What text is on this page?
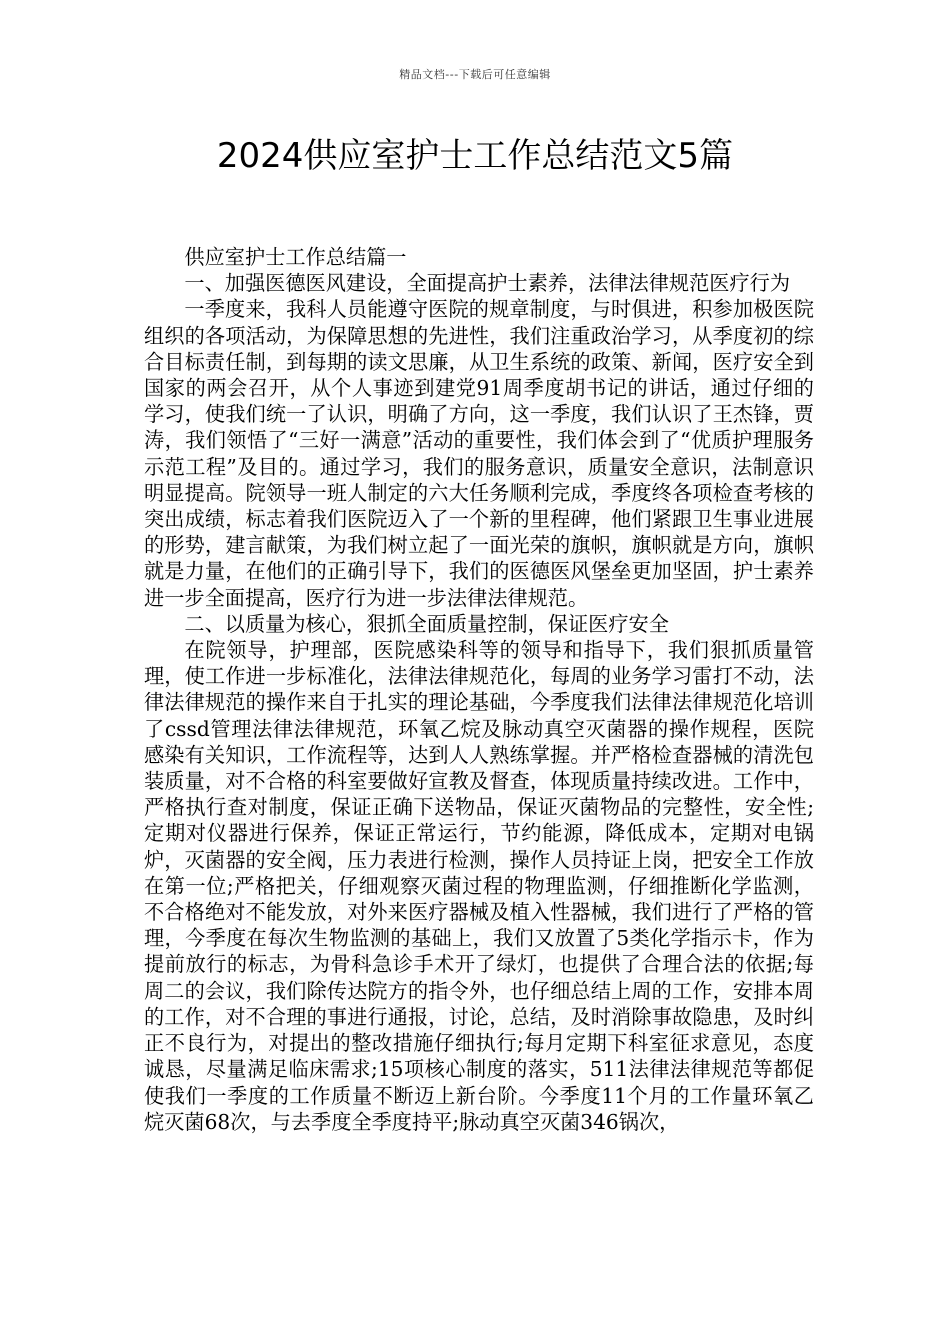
精品文档---下载后可任意编辑
2024供应室护士工作总结范文5篇

供应室护士工作总结篇一

一、加强医德医风建设，全面提高护士素养，法律法律规范医疗行为

一季度来，我科人员能遵守医院的规章制度，与时俱进，积参加极医院组织的各项活动，为保障思想的先进性，我们注重政治学习，从季度初的综合目标责任制，到每期的读文思廉，从卫生系统的政策、新闻，医疗安全到国家的两会召开，从个人事迹到建党91周季度胡书记的讲话，通过仔细的学习，使我们统一了认识，明确了方向，这一季度，我们认识了王杰锋，贾涛，我们领悟了“三好一满意”活动的重要性，我们体会到了“优质护理服务示范工程”及目的。通过学习，我们的服务意识，质量安全意识，法制意识明显提高。院领导一班人制定的六大任务顺利完成，季度终各项检查考核的突出成绩，标志着我们医院迈入了一个新的里程碑，他们紧跟卫生事业进展的形势，建言献策，为我们树立起了一面光荣的旗帜，旗帜就是方向，旗帜就是力量，在他们的正确引导下，我们的医德医风堡垒更加坚固，护士素养进一步全面提高，医疗行为进一步法律法律规范。

二、以质量为核心，狠抓全面质量控制，保证医疗安全

在院领导，护理部，医院感染科等的领导和指导下，我们狠抓质量管理，使工作进一步标准化，法律法律规范化，每周的业务学习雷打不动，法律法律规范的操作来自于扎实的理论基础，今季度我们法律法律规范化培训了cssd管理法律法律规范，环氧乙烷及脉动真空灭菌器的操作规程，医院感染有关知识，工作流程等，达到人人熟练掌握。并严格检查器械的清洗包装质量，对不合格的科室要做好宣教及督查，体现质量持续改进。工作中，严格执行查对制度，保证正确下送物品，保证灭菌物品的完整性，安全性;定期对仪器进行保养，保证正常运行，节约能源，降低成本，定期对电锅炉，灭菌器的安全阀，压力表进行检测，操作人员持证上岗，把安全工作放在第一位;严格把关，仔细观察灭菌过程的物理监测，仔细推断化学监测，不合格绝对不能发放，对外来医疗器械及植入性器械，我们进行了严格的管理，今季度在每次生物监测的基础上，我们又放置了5类化学指示卡，作为提前放行的标志，为骨科急诊手术开了绿灯，也提供了合理合法的依据;每周二的会议，我们除传达院方的指令外，也仔细总结上周的工作，安排本周的工作，对不合理的事进行通报，讨论，总结，及时消除事故隐患，及时纠正不良行为，对提出的整改措施仔细执行;每月定期下科室征求意见，态度诚恳，尽量满足临床需求;15项核心制度的落实，511法律法律规范等都促使我们一季度的工作质量不断迈上新台阶。今季度11个月的工作量环氧乙烷灭菌68次，与去季度全季度持平;脉动真空灭菌346锅次，
